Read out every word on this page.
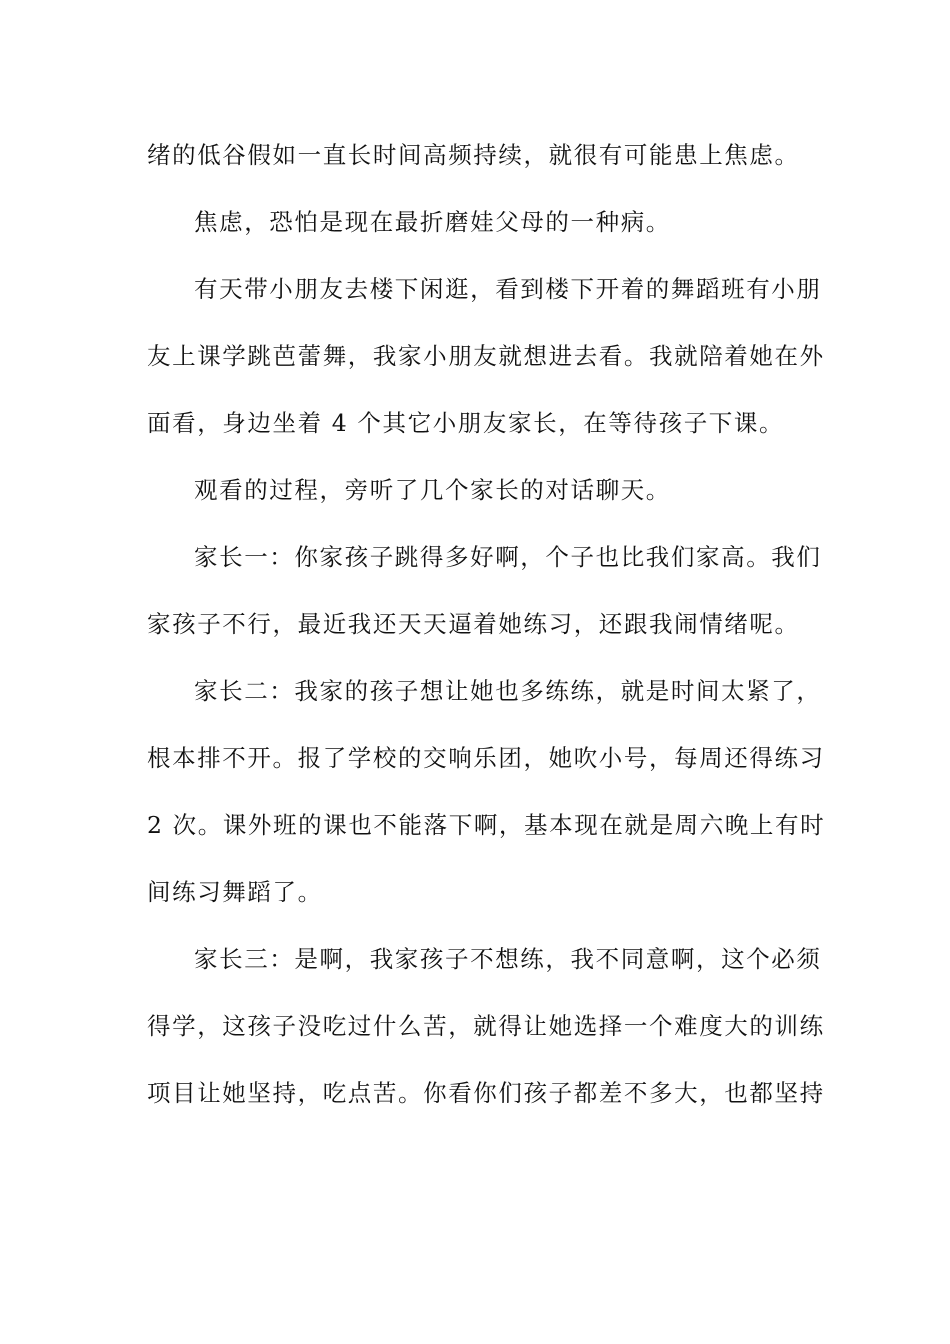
绪的低谷假如一直长时间高频持续，就很有可能患上焦虑。
焦虑，恐怕是现在最折磨娃父母的一种病。
有天带小朋友去楼下闲逛，看到楼下开着的舞蹈班有小朋
友上课学跳芭蕾舞，我家小朋友就想进去看。我就陪着她在外
面看，身边坐着 4 个其它小朋友家长，在等待孩子下课。
观看的过程，旁听了几个家长的对话聊天。
家长一：你家孩子跳得多好啊，个子也比我们家高。我们
家孩子不行，最近我还天天逼着她练习，还跟我闹情绪呢。
家长二：我家的孩子想让她也多练练，就是时间太紧了，
根本排不开。报了学校的交响乐团，她吹小号，每周还得练习
2 次。课外班的课也不能落下啊，基本现在就是周六晚上有时
间练习舞蹈了。
家长三：是啊，我家孩子不想练，我不同意啊，这个必须
得学，这孩子没吃过什么苦，就得让她选择一个难度大的训练
项目让她坚持，吃点苦。你看你们孩子都差不多大，也都坚持
